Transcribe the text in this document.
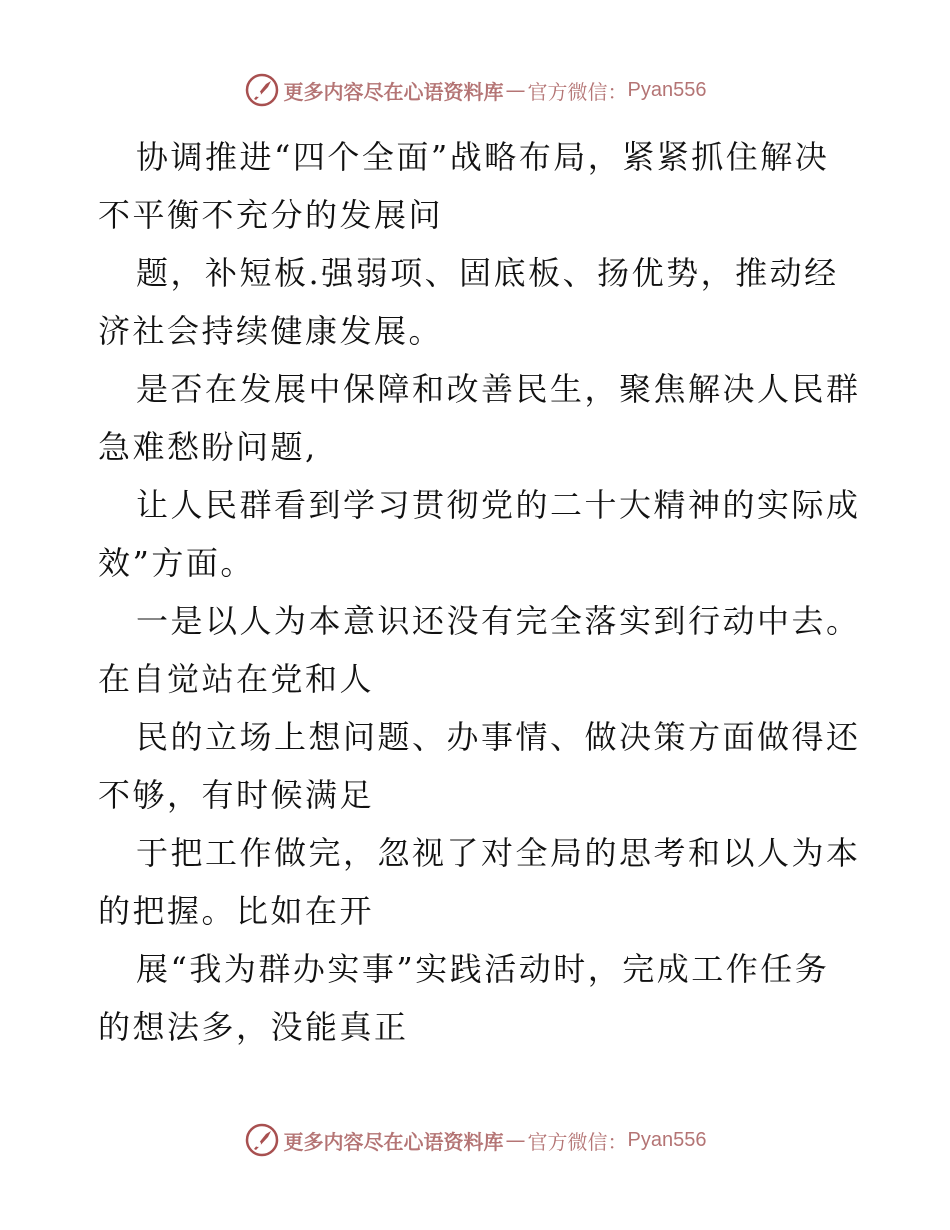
更多内容尽在心语资料库 — 官方微信： Pyan556

协调推进“四个全面”战略布局，紧紧抓住解决
不平衡不充分的发展问

题，补短板.强弱项、固底板、扬优势，推动经
济社会持续健康发展。

是否在发展中保障和改善民生，聚焦解决人民群
急难愁盼问题,

让人民群看到学习贯彻党的二十大精神的实际成
效”方面。

一是以人为本意识还没有完全落实到行动中去。
在自觉站在党和人

民的立场上想问题、办事情、做决策方面做得还
不够，有时候满足

于把工作做完，忽视了对全局的思考和以人为本
的把握。比如在开

展“我为群办实事”实践活动时，完成工作任务
的想法多，没能真正

更多内容尽在心语资料库 — 官方微信： Pyan556
